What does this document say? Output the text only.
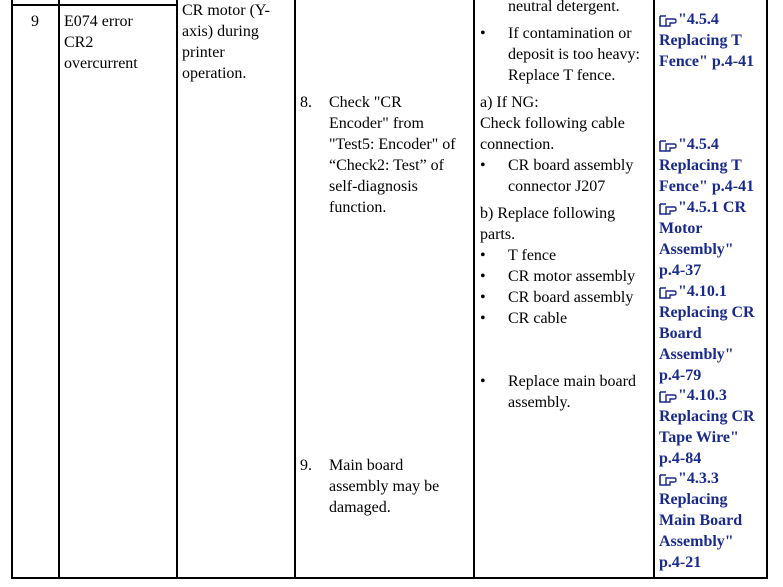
9 E074 error
CR2
overcurrent
CR motor (Y-
axis) during
printer
operation.
8. Check "CR
Encoder" from
"Test5: Encoder" of
“Check2: Test” of
self-diagnosis
function.
9. Main board
assembly may be
damaged.
neutral detergent.
• If contamination or
deposit is too heavy:
Replace T fence.
a) If NG:
Check following cable
connection.
• CR board assembly
connector J207
b) Replace following
parts.
• T fence
• CR motor assembly
• CR board assembly
• CR cable
• Replace main board
assembly.
"4.5.4
Replacing T
Fence" p.4-41
"4.5.4
Replacing T
Fence" p.4-41
"4.5.1 CR
Motor
Assembly"
p.4-37
"4.10.1
Replacing CR
Board
Assembly"
p.4-79
"4.10.3
Replacing CR
Tape Wire"
p.4-84
"4.3.3
Replacing
Main Board
Assembly"
p.4-21
